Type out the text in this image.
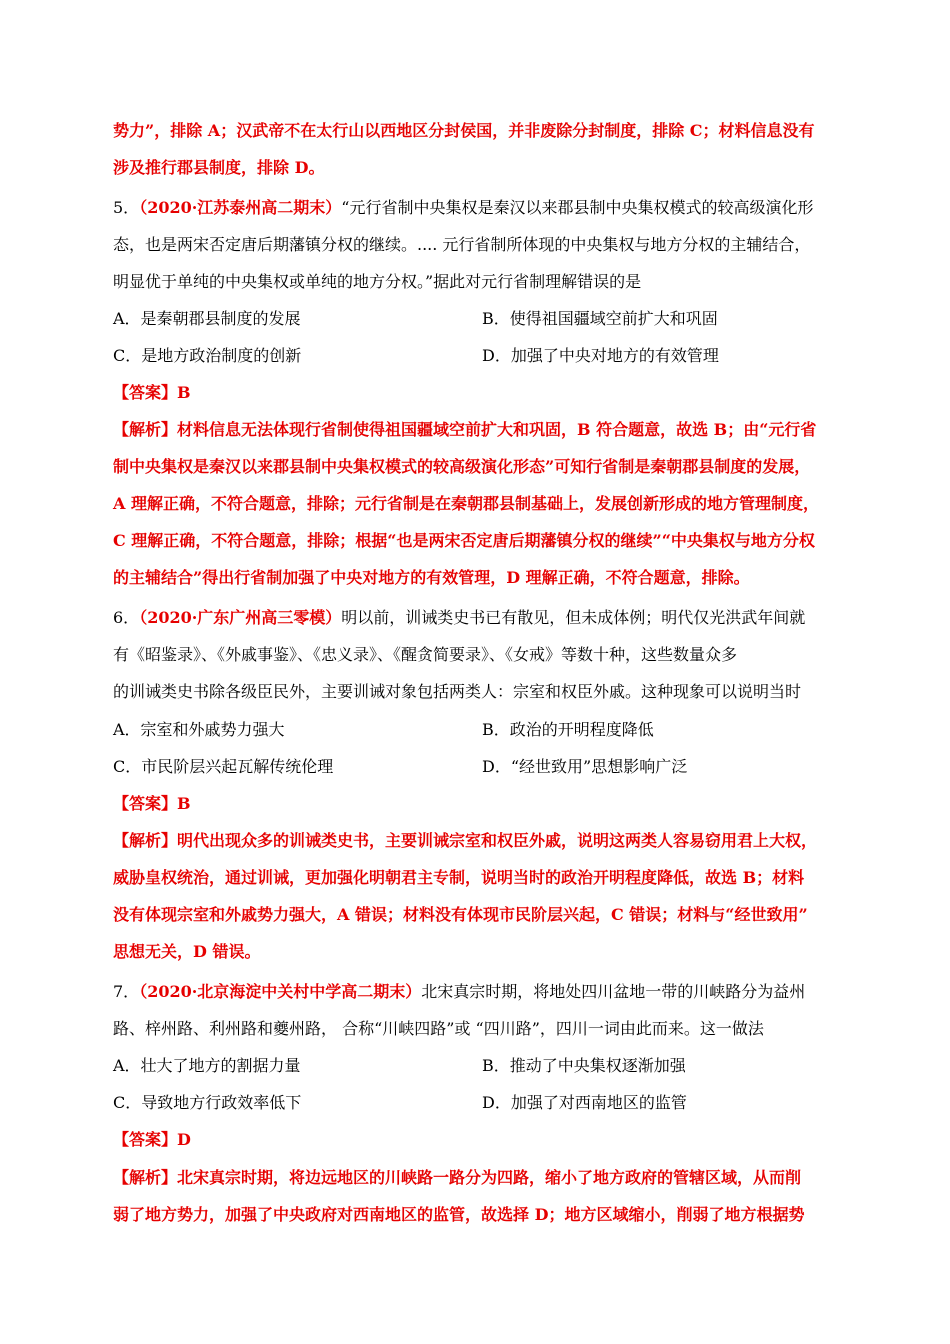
势力”，排除 A；汉武帝不在太行山以西地区分封侯国，并非废除分封制度，排除 C；材料信息没有
涉及推行郡县制度，排除 D。
5．（2020·江苏泰州高二期末）“元行省制中央集权是秦汉以来郡县制中央集权模式的较高级演化形
态，也是两宋否定唐后期藩镇分权的继续。.... 元行省制所体现的中央集权与地方分权的主辅结合，
明显优于单纯的中央集权或单纯的地方分权。”据此对元行省制理解错误的是
A．是秦朝郡县制度的发展	B．使得祖国疆域空前扩大和巩固
C．是地方政治制度的创新	D．加强了中央对地方的有效管理
【答案】B
【解析】材料信息无法体现行省制使得祖国疆域空前扩大和巩固，B 符合题意，故选 B；由“元行省
制中央集权是秦汉以来郡县制中央集权模式的较高级演化形态”可知行省制是秦朝郡县制度的发展，
A 理解正确，不符合题意，排除；元行省制是在秦朝郡县制基础上，发展创新形成的地方管理制度，
C 理解正确，不符合题意，排除；根据“也是两宋否定唐后期藩镇分权的继续”“中央集权与地方分权
的主辅结合”得出行省制加强了中央对地方的有效管理，D 理解正确，不符合题意，排除。
6．（2020·广东广州高三零模）明以前，训诫类史书已有散见，但未成体例；明代仅光洪武年间就
有《昭鉴录》、《外戚事鉴》、《忠义录》、《醒贪简要录》、《女戒》等数十种，这些数量众多
的训诫类史书除各级臣民外，主要训诫对象包括两类人：宗室和权臣外戚。这种现象可以说明当时
A．宗室和外戚势力强大	B．政治的开明程度降低
C．市民阶层兴起瓦解传统伦理	D．“经世致用”思想影响广泛
【答案】B
【解析】明代出现众多的训诫类史书，主要训诫宗室和权臣外戚，说明这两类人容易窃用君上大权，
威胁皇权统治，通过训诫，更加强化明朝君主专制，说明当时的政治开明程度降低，故选 B；材料
没有体现宗室和外戚势力强大，A 错误；材料没有体现市民阶层兴起，C 错误；材料与“经世致用”
思想无关，D 错误。
7．（2020·北京海淀中关村中学高二期末）北宋真宗时期，将地处四川盆地一带的川峡路分为益州
路、梓州路、利州路和夔州路， 合称“川峡四路”或 “四川路”，四川一词由此而来。这一做法
A．壮大了地方的割据力量	B．推动了中央集权逐渐加强
C．导致地方行政效率低下	D．加强了对西南地区的监管
【答案】D
【解析】北宋真宗时期，将边远地区的川峡路一路分为四路，缩小了地方政府的管辖区域，从而削
弱了地方势力，加强了中央政府对西南地区的监管，故选择 D；地方区域缩小，削弱了地方根据势
